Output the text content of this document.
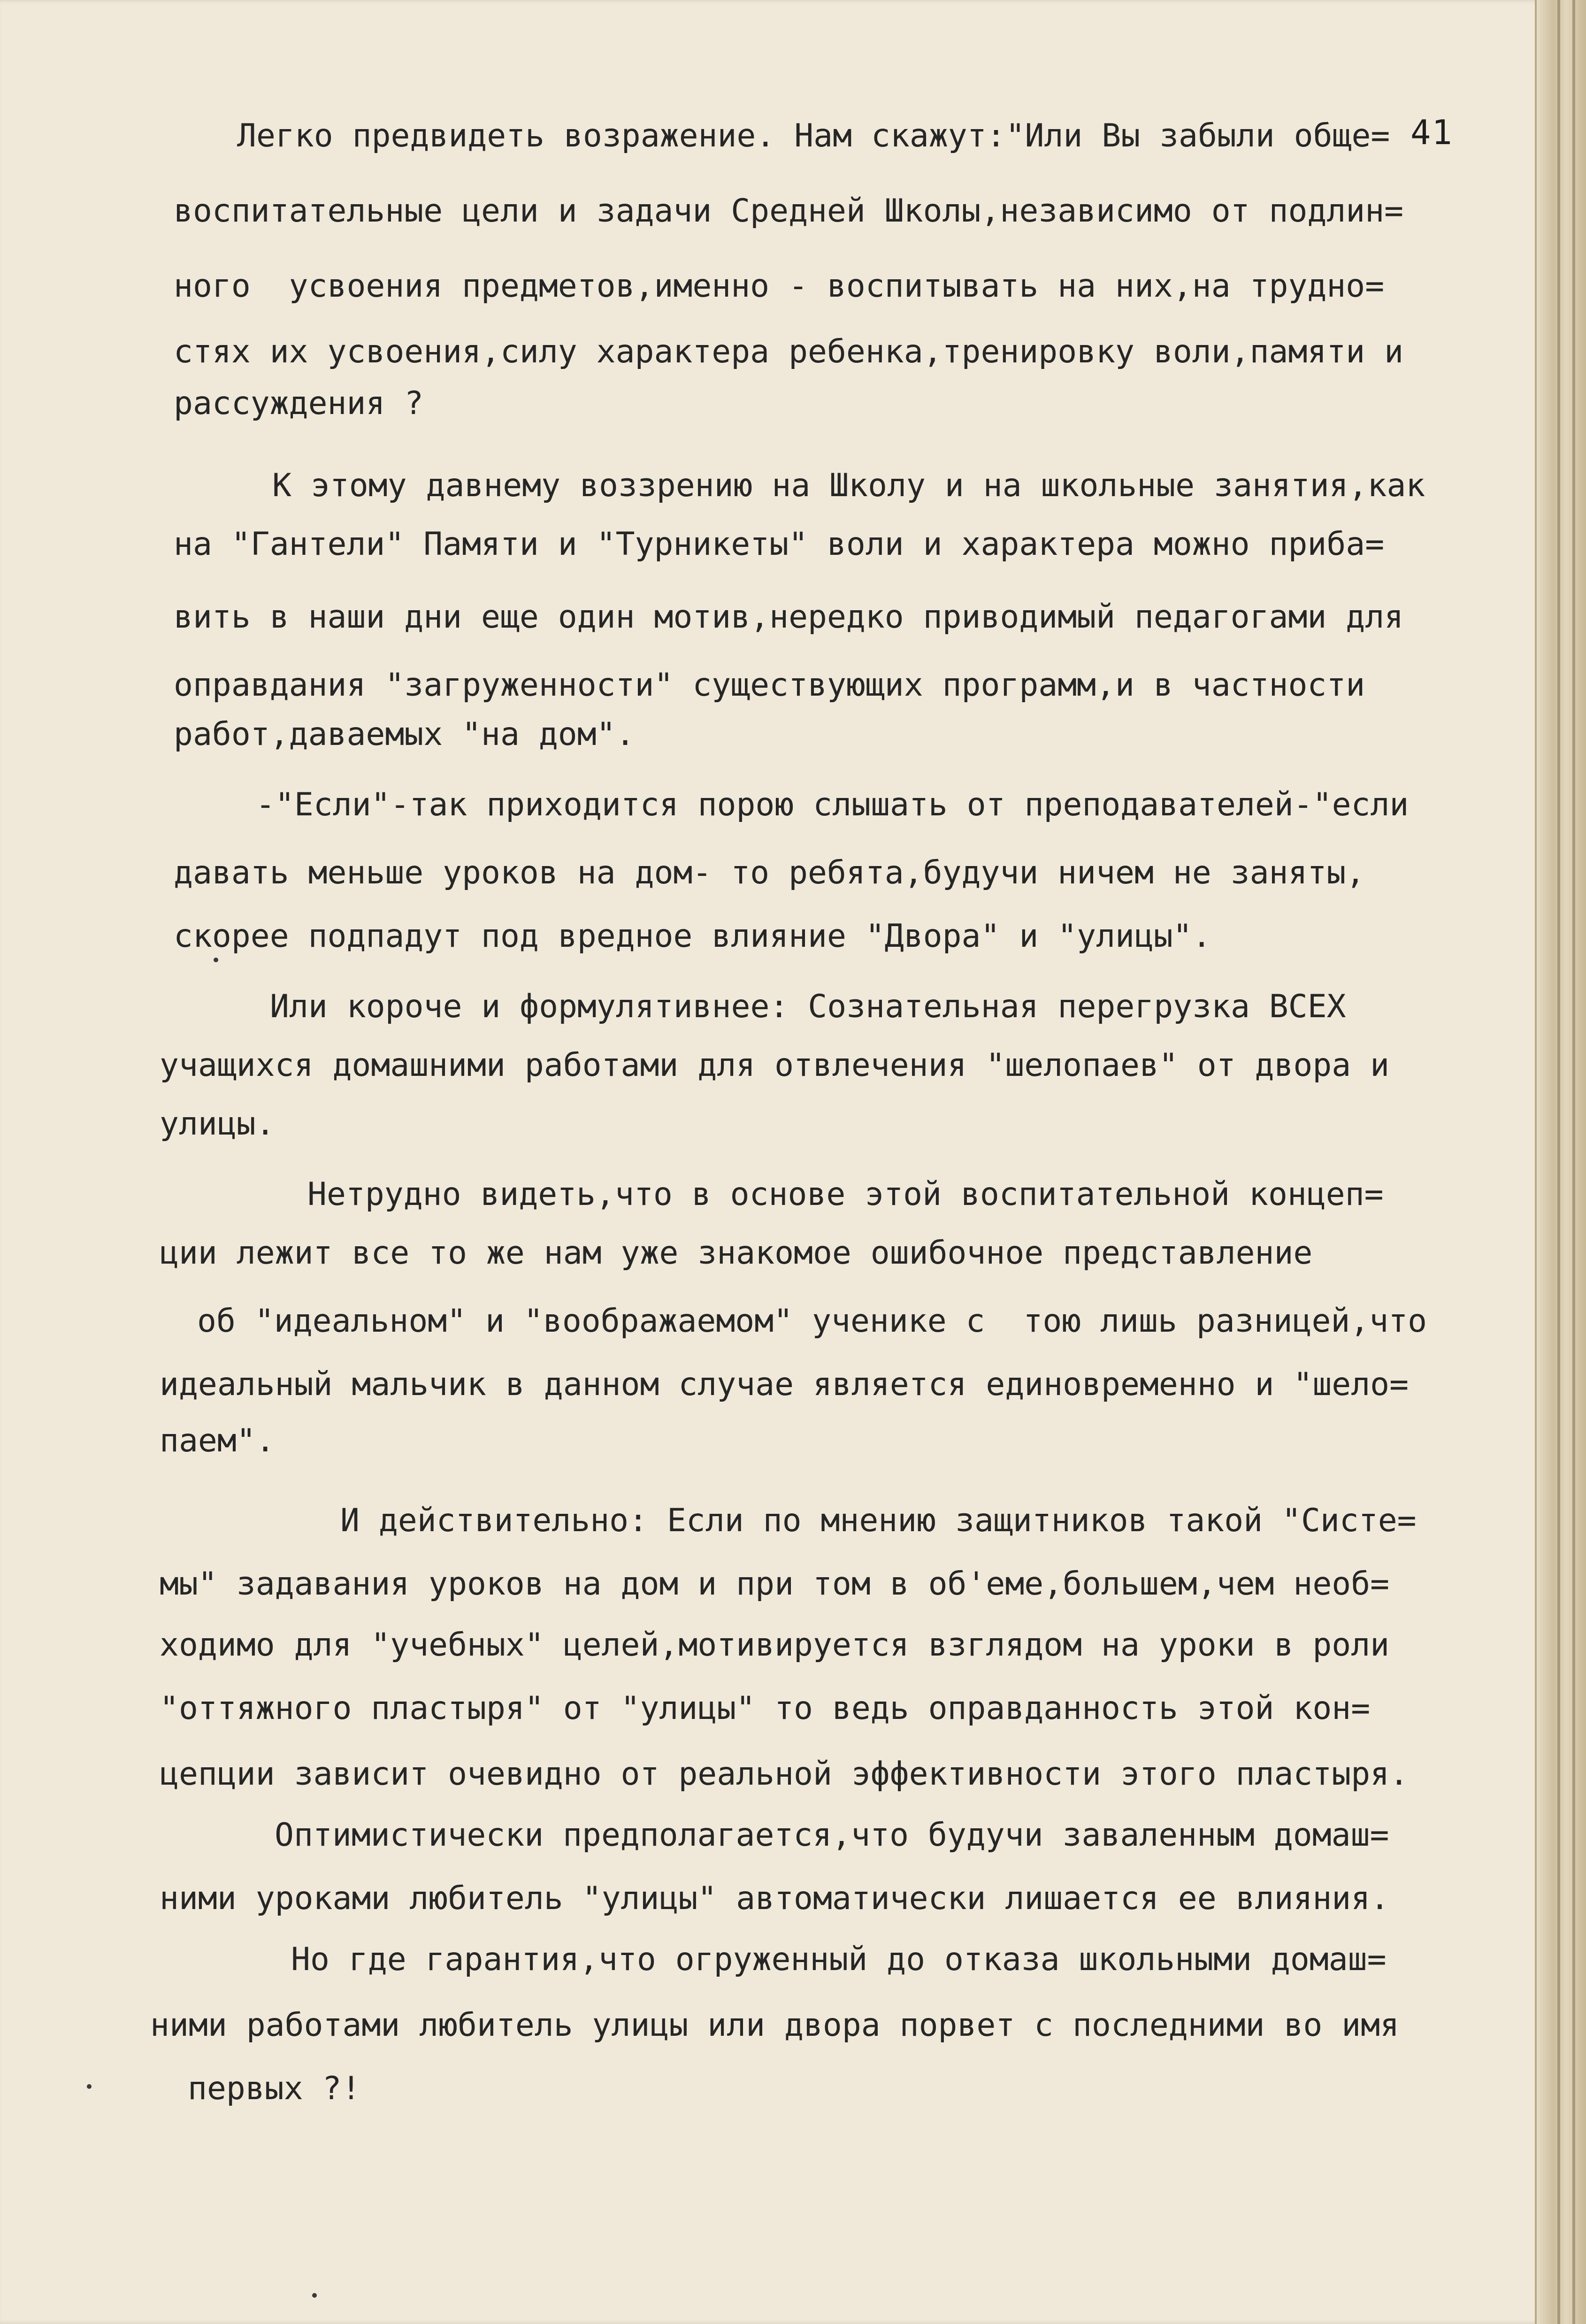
41

Легко предвидеть возражение. Нам скажут:"Или Вы забыли обще=

воспитательные цели и задачи Средней Школы,независимо от подлин=

ного  усвоения предметов,именно - воспитывать на них,на трудно=

стях их усвоения,силу характера ребенка,тренировку воли,памяти и

рассуждения ?

К этому давнему воззрению на Школу и на школьные занятия,как

на "Гантели" Памяти и "Турникеты" воли и характера можно приба=

вить в наши дни еще один мотив,нередко приводимый педагогами для

оправдания "загруженности" существующих программ,и в частности

работ,даваемых "на дом".

-"Если"-так приходится порою слышать от преподавателей-"если

давать меньше уроков на дом- то ребята,будучи ничем не заняты,

скорее подпадут под вредное влияние "Двора" и "улицы".

Или короче и формулятивнее: Сознательная перегрузка ВСЕХ

учащихся домашними работами для отвлечения "шелопаев" от двора и

улицы.

Нетрудно видеть,что в основе этой воспитательной концеп=

ции лежит все то же нам уже знакомое ошибочное представление

об "идеальном" и "воображаемом" ученике с  тою лишь разницей,что

идеальный мальчик в данном случае является единовременно и "шело=

паем".

И действительно: Если по мнению защитников такой "Систе=

мы" задавания уроков на дом и при том в об'еме,большем,чем необ=

ходимо для "учебных" целей,мотивируется взглядом на уроки в роли

"оттяжного пластыря" от "улицы" то ведь оправданность этой кон=

цепции зависит очевидно от реальной эффективности этого пластыря.

Оптимистически предполагается,что будучи заваленным домаш=

ними уроками любитель "улицы" автоматически лишается ее влияния.

Но где гарантия,что огруженный до отказа школьными домаш=

ними работами любитель улицы или двора порвет с последними во имя

первых ?!
